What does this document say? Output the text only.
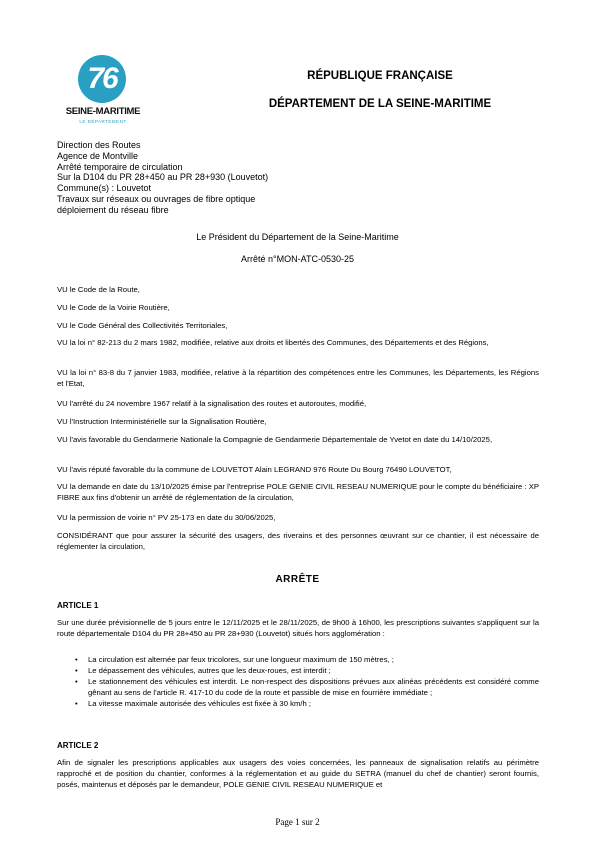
76
SEINE-MARITIME
LE DÉPARTEMENT
RÉPUBLIQUE FRANÇAISE
DÉPARTEMENT DE LA SEINE-MARITIME
Direction des Routes
Agence de Montville
Arrêté temporaire de circulation
Sur la D104 du PR 28+450 au PR 28+930 (Louvetot)
Commune(s) : Louvetot
Travaux sur réseaux ou ouvrages de fibre optique
déploiement du réseau fibre
Le Président du Département de la Seine-Maritime
Arrêté n°MON-ATC-0530-25
VU le Code de la Route,
VU le Code de la Voirie Routière,
VU le Code Général des Collectivités Territoriales,
VU la loi n° 82-213 du 2 mars 1982, modifiée, relative aux droits et libertés des Communes, des Départements et des Régions,
VU la loi n° 83-8 du 7 janvier 1983, modifiée, relative à la répartition des compétences entre les Communes, les Départements, les Régions et l'Etat,
VU l'arrêté du 24 novembre 1967 relatif à la signalisation des routes et autoroutes, modifié,
VU l'Instruction Interministérielle sur la Signalisation Routière,
VU l'avis favorable du Gendarmerie Nationale la Compagnie de Gendarmerie Départementale de Yvetot en date du 14/10/2025,
VU l'avis réputé favorable du la commune de LOUVETOT Alain LEGRAND 976 Route Du Bourg 76490 LOUVETOT,
VU la demande en date du 13/10/2025 émise par l'entreprise POLE GENIE CIVIL RESEAU NUMERIQUE pour le compte du bénéficiaire : XP FIBRE aux fins d'obtenir un arrêté de réglementation de la circulation,
VU la permission de voirie n° PV 25-173 en date du 30/06/2025,
CONSIDÉRANT que pour assurer la sécurité des usagers, des riverains et des personnes œuvrant sur ce chantier, il est nécessaire de réglementer la circulation,
ARRÊTE
ARTICLE 1
Sur une durée prévisionnelle de 5 jours entre le 12/11/2025 et le 28/11/2025, de 9h00 à 16h00, les prescriptions suivantes s'appliquent sur la route départementale D104 du PR 28+450 au PR 28+930 (Louvetot) situés hors agglomération :
• La circulation est alternée par feux tricolores, sur une longueur maximum de 150 mètres, ;
• Le dépassement des véhicules, autres que les deux-roues, est interdit ;
• Le stationnement des véhicules est interdit. Le non-respect des dispositions prévues aux alinéas précédents est considéré comme gênant au sens de l'article R. 417-10 du code de la route et passible de mise en fourrière immédiate ;
• La vitesse maximale autorisée des véhicules est fixée à 30 km/h ;
ARTICLE 2
Afin de signaler les prescriptions applicables aux usagers des voies concernées, les panneaux de signalisation relatifs au périmètre rapproché et de position du chantier, conformes à la réglementation et au guide du SETRA (manuel du chef de chantier) seront fournis, posés, maintenus et déposés par le demandeur, POLE GENIE CIVIL RESEAU NUMERIQUE et
Page 1 sur 2
